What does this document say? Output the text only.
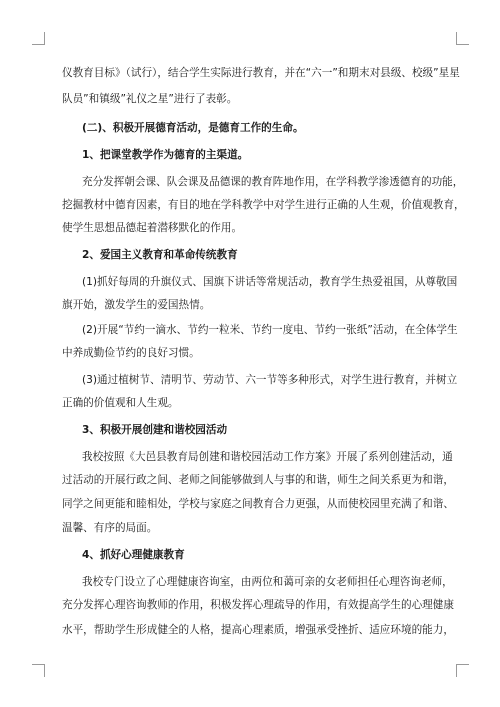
仪教育目标》（试行），结合学生实际进行教育，并在“六一”和期末对县级、校级”星星
队员”和镇级”礼仪之星”进行了表彰。
(二)、积极开展德育活动，是德育工作的生命。
1、把课堂教学作为德育的主渠道。
充分发挥朝会课、队会课及品德课的教育阵地作用，在学科教学渗透德育的功能，
挖掘教材中德育因素，有目的地在学科教学中对学生进行正确的人生观，价值观教育，
使学生思想品德起着潜移默化的作用。
2、爱国主义教育和革命传统教育
(1)抓好每周的升旗仪式、国旗下讲话等常规活动，教育学生热爱祖国，从尊敬国
旗开始，激发学生的爱国热情。
(2)开展“节约一滴水、节约一粒米、节约一度电、节约一张纸”活动，在全体学生
中养成勤俭节约的良好习惯。
(3)通过植树节、清明节、劳动节、六一节等多种形式，对学生进行教育，并树立
正确的价值观和人生观。
3、积极开展创建和谐校园活动
我校按照《大邑县教育局创建和谐校园活动工作方案》开展了系列创建活动，通
过活动的开展行政之间、老师之间能够做到人与事的和谐，师生之间关系更为和谐，
同学之间更能和睦相处，学校与家庭之间教育合力更强，从而使校园里充满了和谐、
温馨、有序的局面。
4、抓好心理健康教育
我校专门设立了心理健康咨询室，由两位和蔼可亲的女老师担任心理咨询老师，
充分发挥心理咨询教师的作用，积极发挥心理疏导的作用，有效提高学生的心理健康
水平，帮助学生形成健全的人格，提高心理素质，增强承受挫折、适应环境的能力，
